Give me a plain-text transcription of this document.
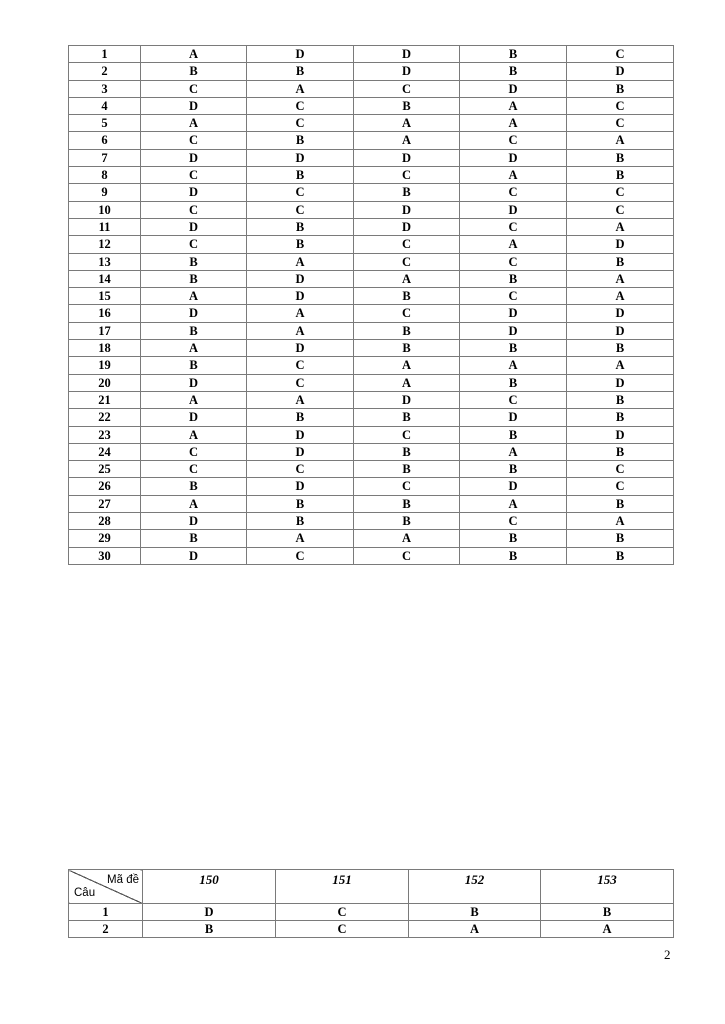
1	A	D	D	B	C
2	B	B	D	B	D
3	C	A	C	D	B
4	D	C	B	A	C
5	A	C	A	A	C
6	C	B	A	C	A
7	D	D	D	D	B
8	C	B	C	A	B
9	D	C	B	C	C
10	C	C	D	D	C
11	D	B	D	C	A
12	C	B	C	A	D
13	B	A	C	C	B
14	B	D	A	B	A
15	A	D	B	C	A
16	D	A	C	D	D
17	B	A	B	D	D
18	A	D	B	B	B
19	B	C	A	A	A
20	D	C	A	B	D
21	A	A	D	C	B
22	D	B	B	D	B
23	A	D	C	B	D
24	C	D	B	A	B
25	C	C	B	B	C
26	B	D	C	D	C
27	A	B	B	A	B
28	D	B	B	C	A
29	B	A	A	B	B
30	D	C	C	B	B
Mã đề
Câu	150	151	152	153
1	D	C	B	B
2	B	C	A	A
2
